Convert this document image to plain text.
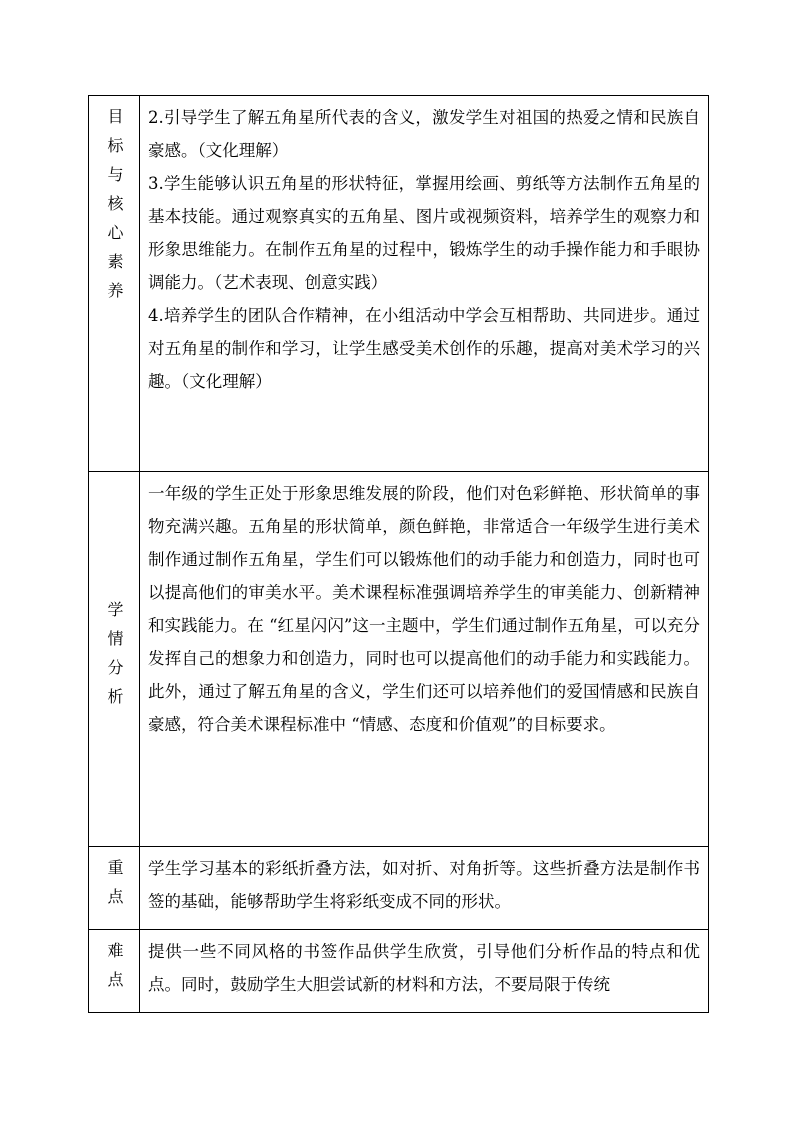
目标与核心素养	2.引导学生了解五角星所代表的含义，激发学生对祖国的热爱之情和民族自豪感。（文化理解）

3.学生能够认识五角星的形状特征，掌握用绘画、剪纸等方法制作五角星的基本技能。通过观察真实的五角星、图片或视频资料，培养学生的观察力和形象思维能力。在制作五角星的过程中，锻炼学生的动手操作能力和手眼协调能力。（艺术表现、创意实践）

4.培养学生的团队合作精神，在小组活动中学会互相帮助、共同进步。通过对五角星的制作和学习，让学生感受美术创作的乐趣，提高对美术学习的兴趣。（文化理解）

学情分析	一年级的学生正处于形象思维发展的阶段，他们对色彩鲜艳、形状简单的事物充满兴趣。五角星的形状简单，颜色鲜艳，非常适合一年级学生进行美术制作通过制作五角星，学生们可以锻炼他们的动手能力和创造力，同时也可以提高他们的审美水平。美术课程标准强调培养学生的审美能力、创新精神和实践能力。在 “红星闪闪”这一主题中，学生们通过制作五角星，可以充分发挥自己的想象力和创造力，同时也可以提高他们的动手能力和实践能力。此外，通过了解五角星的含义，学生们还可以培养他们的爱国情感和民族自豪感，符合美术课程标准中 “情感、态度和价值观”的目标要求。

重点	学生学习基本的彩纸折叠方法，如对折、对角折等。这些折叠方法是制作书签的基础，能够帮助学生将彩纸变成不同的形状。

难点	提供一些不同风格的书签作品供学生欣赏，引导他们分析作品的特点和优点。同时，鼓励学生大胆尝试新的材料和方法，不要局限于传统
